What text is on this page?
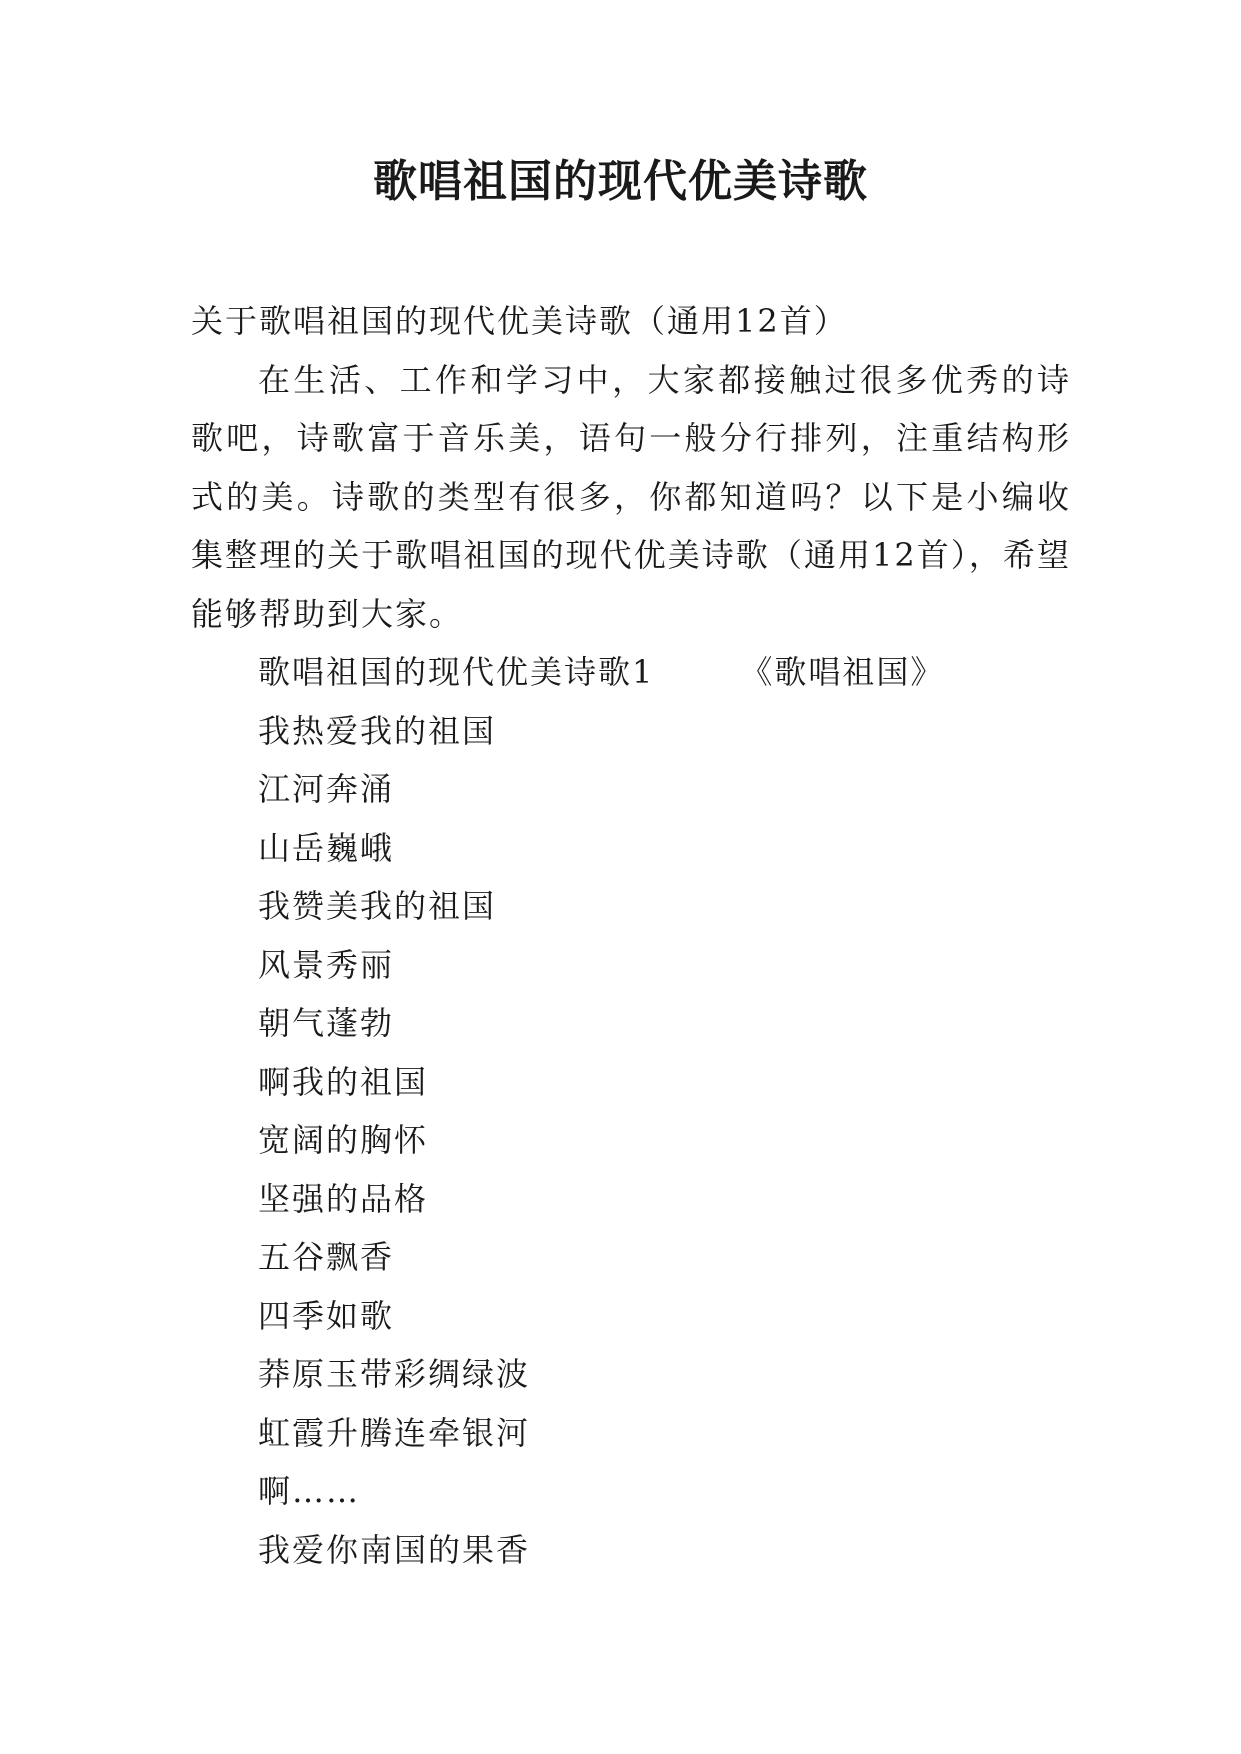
歌唱祖国的现代优美诗歌

关于歌唱祖国的现代优美诗歌（通用12首）

在生活、工作和学习中，大家都接触过很多优秀的诗歌吧，诗歌富于音乐美，语句一般分行排列，注重结构形式的美。诗歌的类型有很多，你都知道吗？以下是小编收集整理的关于歌唱祖国的现代优美诗歌（通用12首），希望能够帮助到大家。

歌唱祖国的现代优美诗歌1	《歌唱祖国》

我热爱我的祖国

江河奔涌

山岳巍峨

我赞美我的祖国

风景秀丽

朝气蓬勃

啊我的祖国

宽阔的胸怀

坚强的品格

五谷飘香

四季如歌

莽原玉带彩绸绿波

虹霞升腾连牵银河

啊……

我爱你南国的果香
